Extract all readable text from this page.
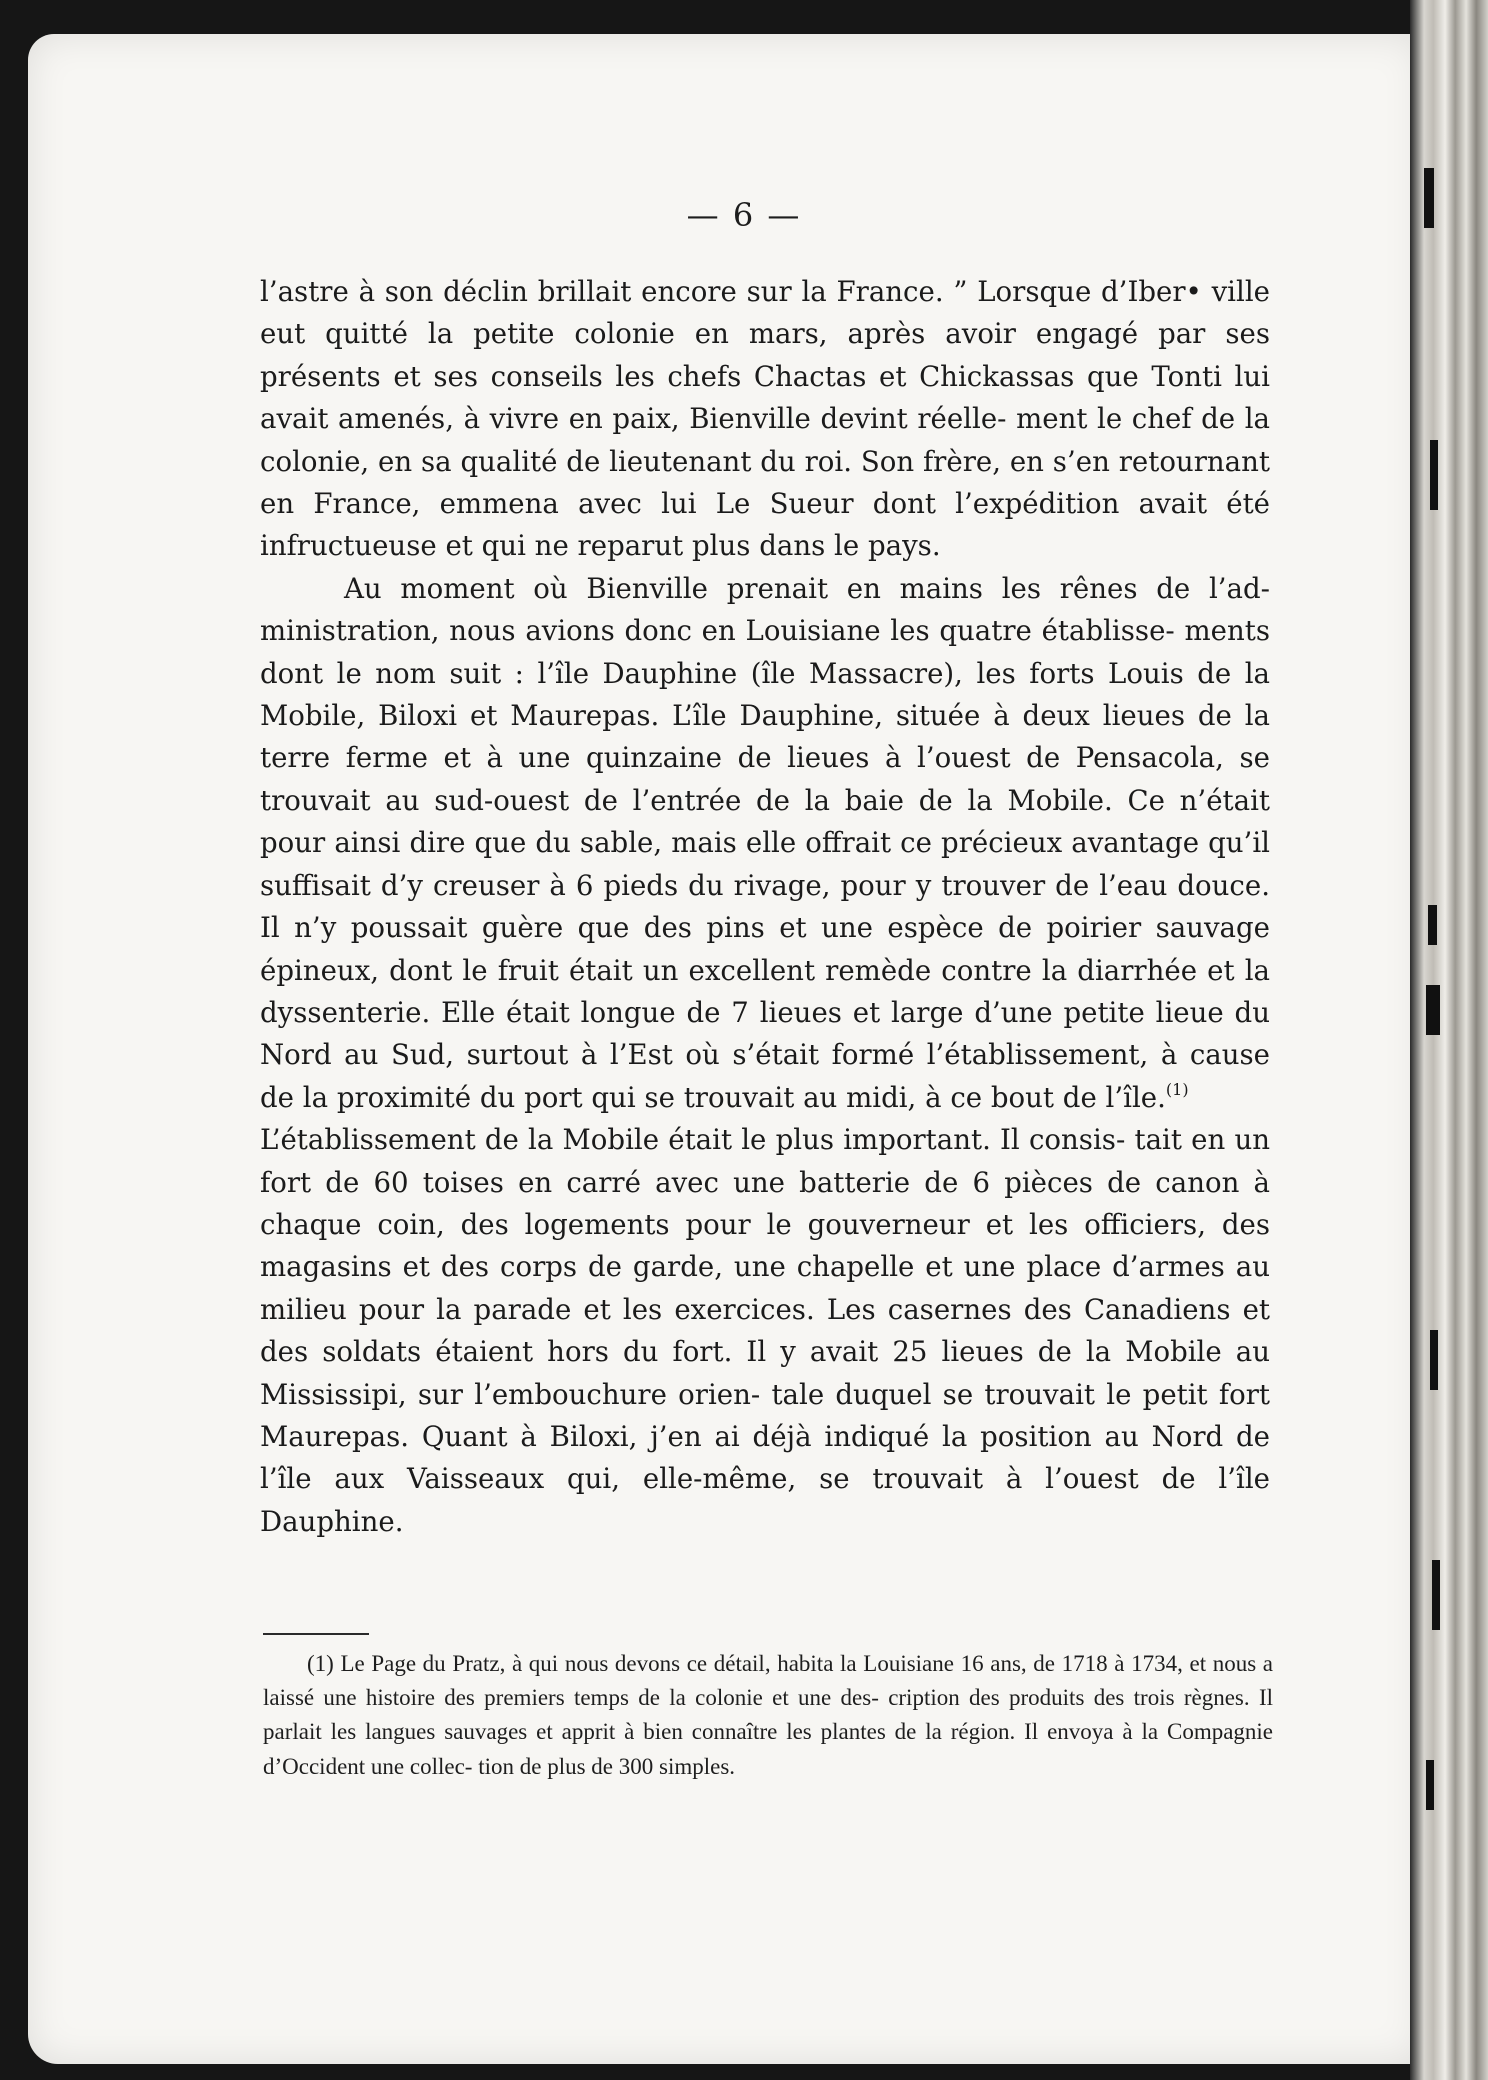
— 6 —

l’astre à son déclin brillait encore sur la France. ” Lorsque d’Iber• ville eut quitté la petite colonie en mars, après avoir engagé par ses présents et ses conseils les chefs Chactas et Chickassas que Tonti lui avait amenés, à vivre en paix, Bienville devint réelle- ment le chef de la colonie, en sa qualité de lieutenant du roi. Son frère, en s’en retournant en France, emmena avec lui Le Sueur dont l’expédition avait été infructueuse et qui ne reparut plus dans le pays.

Au moment où Bienville prenait en mains les rênes de l’ad- ministration, nous avions donc en Louisiane les quatre établisse- ments dont le nom suit : l’île Dauphine (île Massacre), les forts Louis de la Mobile, Biloxi et Maurepas. L’île Dauphine, située à deux lieues de la terre ferme et à une quinzaine de lieues à l’ouest de Pensacola, se trouvait au sud-ouest de l’entrée de la baie de la Mobile. Ce n’était pour ainsi dire que du sable, mais elle offrait ce précieux avantage qu’il suffisait d’y creuser à 6 pieds du rivage, pour y trouver de l’eau douce. Il n’y poussait guère que des pins et une espèce de poirier sauvage épineux, dont le fruit était un excellent remède contre la diarrhée et la dyssenterie. Elle était longue de 7 lieues et large d’une petite lieue du Nord au Sud, surtout à l’Est où s’était formé l’établissement, à cause de la proximité du port qui se trouvait au midi, à ce bout de l’île.$^{(1)}$

L’établissement de la Mobile était le plus important. Il consis- tait en un fort de 60 toises en carré avec une batterie de 6 pièces de canon à chaque coin, des logements pour le gouverneur et les officiers, des magasins et des corps de garde, une chapelle et une place d’armes au milieu pour la parade et les exercices. Les casernes des Canadiens et des soldats étaient hors du fort. Il y avait 25 lieues de la Mobile au Mississipi, sur l’embouchure orien- tale duquel se trouvait le petit fort Maurepas. Quant à Biloxi, j’en ai déjà indiqué la position au Nord de l’île aux Vaisseaux qui, elle-même, se trouvait à l’ouest de l’île Dauphine.

(1) Le Page du Pratz, à qui nous devons ce détail, habita la Louisiane 16 ans, de 1718 à 1734, et nous a laissé une histoire des premiers temps de la colonie et une des- cription des produits des trois règnes. Il parlait les langues sauvages et apprit à bien connaître les plantes de la région. Il envoya à la Compagnie d’Occident une collec- tion de plus de 300 simples.
